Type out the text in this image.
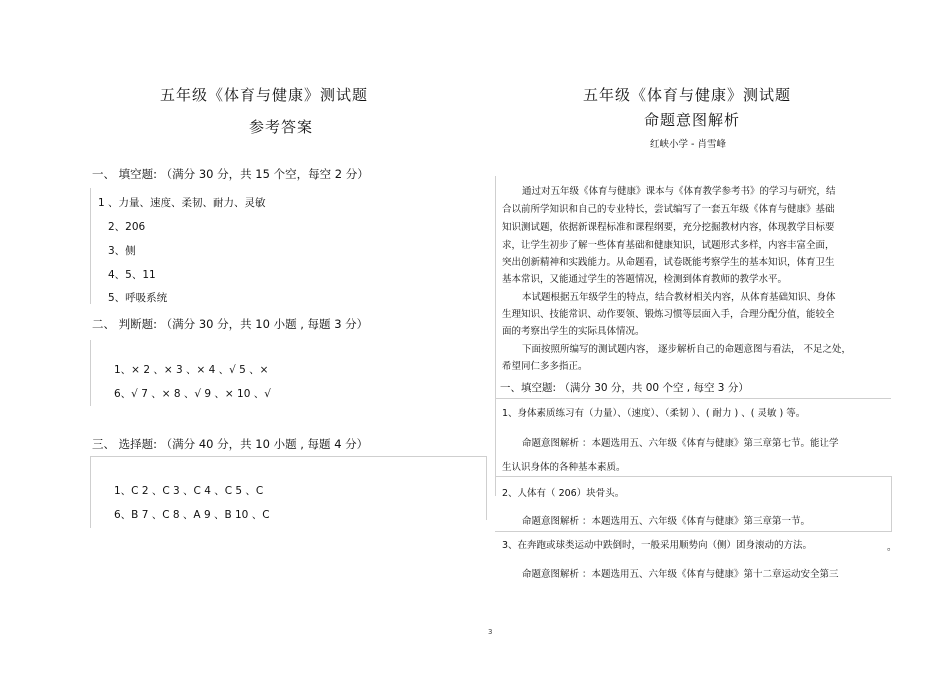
五年级《体育与健康》测试题
参考答案
一、 填空题: （满分 30 分，共 15 个空，每空 2 分）
1 、力量、速度、柔韧、耐力、灵敏
2、206
3、侧
4、5、11
5、呼吸系统
二、 判断题: （满分 30 分，共 10 小题 , 每题 3 分）
1、× 2 、× 3 、× 4 、√ 5 、×
6、√ 7 、× 8 、√ 9 、× 10 、√
三、 选择题: （满分 40 分，共 10 小题 , 每题 4 分）
1、C 2 、C 3 、C 4 、C 5 、C
6、B 7 、C 8 、A 9 、B 10 、C
五年级《体育与健康》测试题
命题意图解析
红峡小学 - 肖雪峰
通过对五年级《体育与健康》课本与《体育教学参考书》的学习与研究，结
合以前所学知识和自己的专业特长，尝试编写了一套五年级《体育与健康》基础
知识测试题，依据新课程标准和课程纲要，充分挖掘教材内容，体现教学目标要
求，让学生初步了解一些体育基础和健康知识，试题形式多样，内容丰富全面，
突出创新精神和实践能力。从命题看，试卷既能考察学生的基本知识，体育卫生
基本常识，又能通过学生的答题情况，检测到体育教师的教学水平。
本试题根据五年级学生的特点，结合教材相关内容，从体育基础知识、身体
生理知识、技能常识、动作要领、锻炼习惯等层面入手，合理分配分值，能较全
面的考察出学生的实际具体情况。
下面按照所编写的测试题内容， 逐步解析自己的命题意图与看法， 不足之处，
希望同仁多多指正。
一、填空题: （满分 30 分，共 00 个空 , 每空 3 分）
1、身体素质练习有（力量）、（速度）、（柔韧 ）、( 耐力 ) 、( 灵敏 ) 等。
命题意图解析 ：本题选用五、六年级《体育与健康》第三章第七节。能让学
生认识身体的各种基本素质。
2、人体有（ 206）块骨头。
命题意图解析 ：本题选用五、六年级《体育与健康》第三章第一节。
3、在奔跑或球类运动中跌倒时，一般采用顺势向（侧）团身滚动的方法。	。
命题意图解析 ：本题选用五、六年级《体育与健康》第十二章运动安全第三
3
